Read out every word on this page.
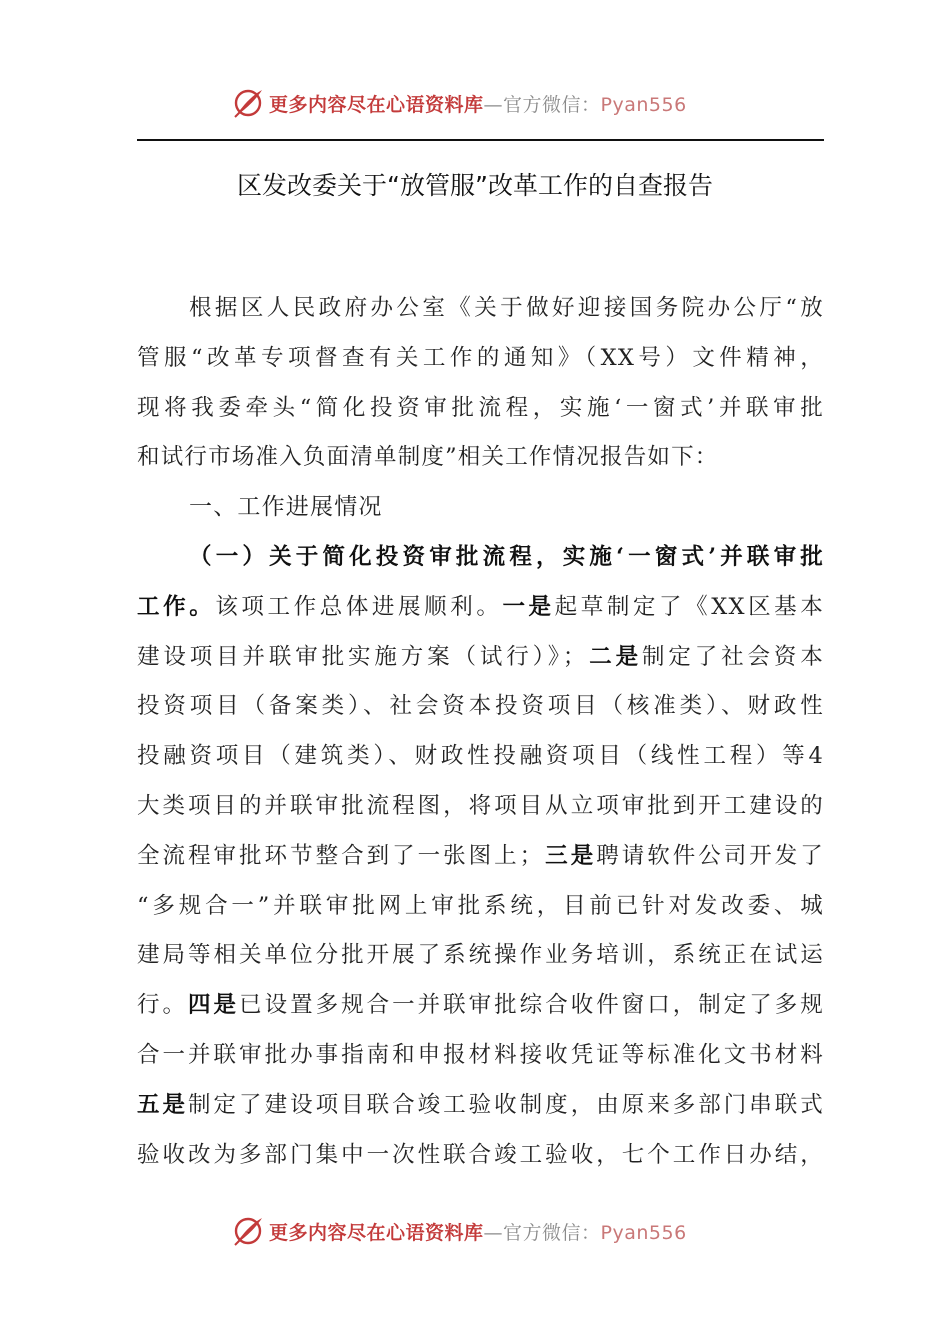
更多内容尽在心语资料库—官方微信：Pyan556
区发改委关于“放管服”改革工作的自查报告
根据区人民政府办公室《关于做好迎接国务院办公厅“放
管服“改革专项督查有关工作的通知》（XX号）文件精神，
现将我委牵头“简化投资审批流程，实施‘一窗式’并联审批
和试行市场准入负面清单制度”相关工作情况报告如下：
一、工作进展情况
（一）关于简化投资审批流程，实施‘一窗式’并联审批
工作。该项工作总体进展顺利。一是起草制定了《XX区基本
建设项目并联审批实施方案（试行）》；二是制定了社会资本
投资项目（备案类）、社会资本投资项目（核准类）、财政性
投融资项目（建筑类）、财政性投融资项目（线性工程）等4
大类项目的并联审批流程图，将项目从立项审批到开工建设的
全流程审批环节整合到了一张图上；三是聘请软件公司开发了
“多规合一”并联审批网上审批系统，目前已针对发改委、城
建局等相关单位分批开展了系统操作业务培训，系统正在试运
行。四是已设置多规合一并联审批综合收件窗口，制定了多规
合一并联审批办事指南和申报材料接收凭证等标准化文书材料
五是制定了建设项目联合竣工验收制度，由原来多部门串联式
验收改为多部门集中一次性联合竣工验收，七个工作日办结，
更多内容尽在心语资料库—官方微信：Pyan556
